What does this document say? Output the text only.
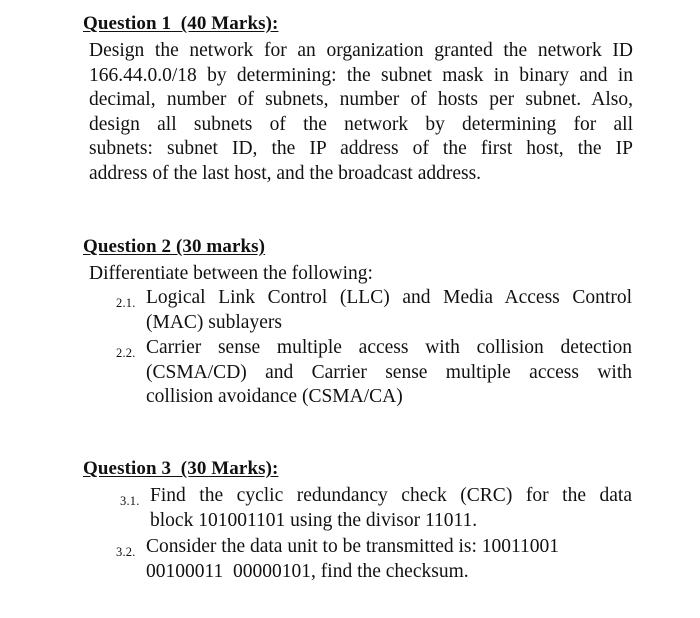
Question 1  (40 Marks):
Design the network for an organization granted the network ID
166.44.0.0/18 by determining: the subnet mask in binary and in
decimal, number of subnets, number of hosts per subnet. Also,
design all subnets of the network by determining for all
subnets: subnet ID, the IP address of the first host, the IP
address of the last host, and the broadcast address.
Question 2 (30 marks)
Differentiate between the following:
2.1. Logical Link Control (LLC) and Media Access Control
(MAC) sublayers
2.2. Carrier sense multiple access with collision detection
(CSMA/CD) and Carrier sense multiple access with
collision avoidance (CSMA/CA)
Question 3  (30 Marks):
3.1. Find the cyclic redundancy check (CRC) for the data
block 101001101 using the divisor 11011.
3.2. Consider the data unit to be transmitted is: 10011001
00100011  00000101, find the checksum.
